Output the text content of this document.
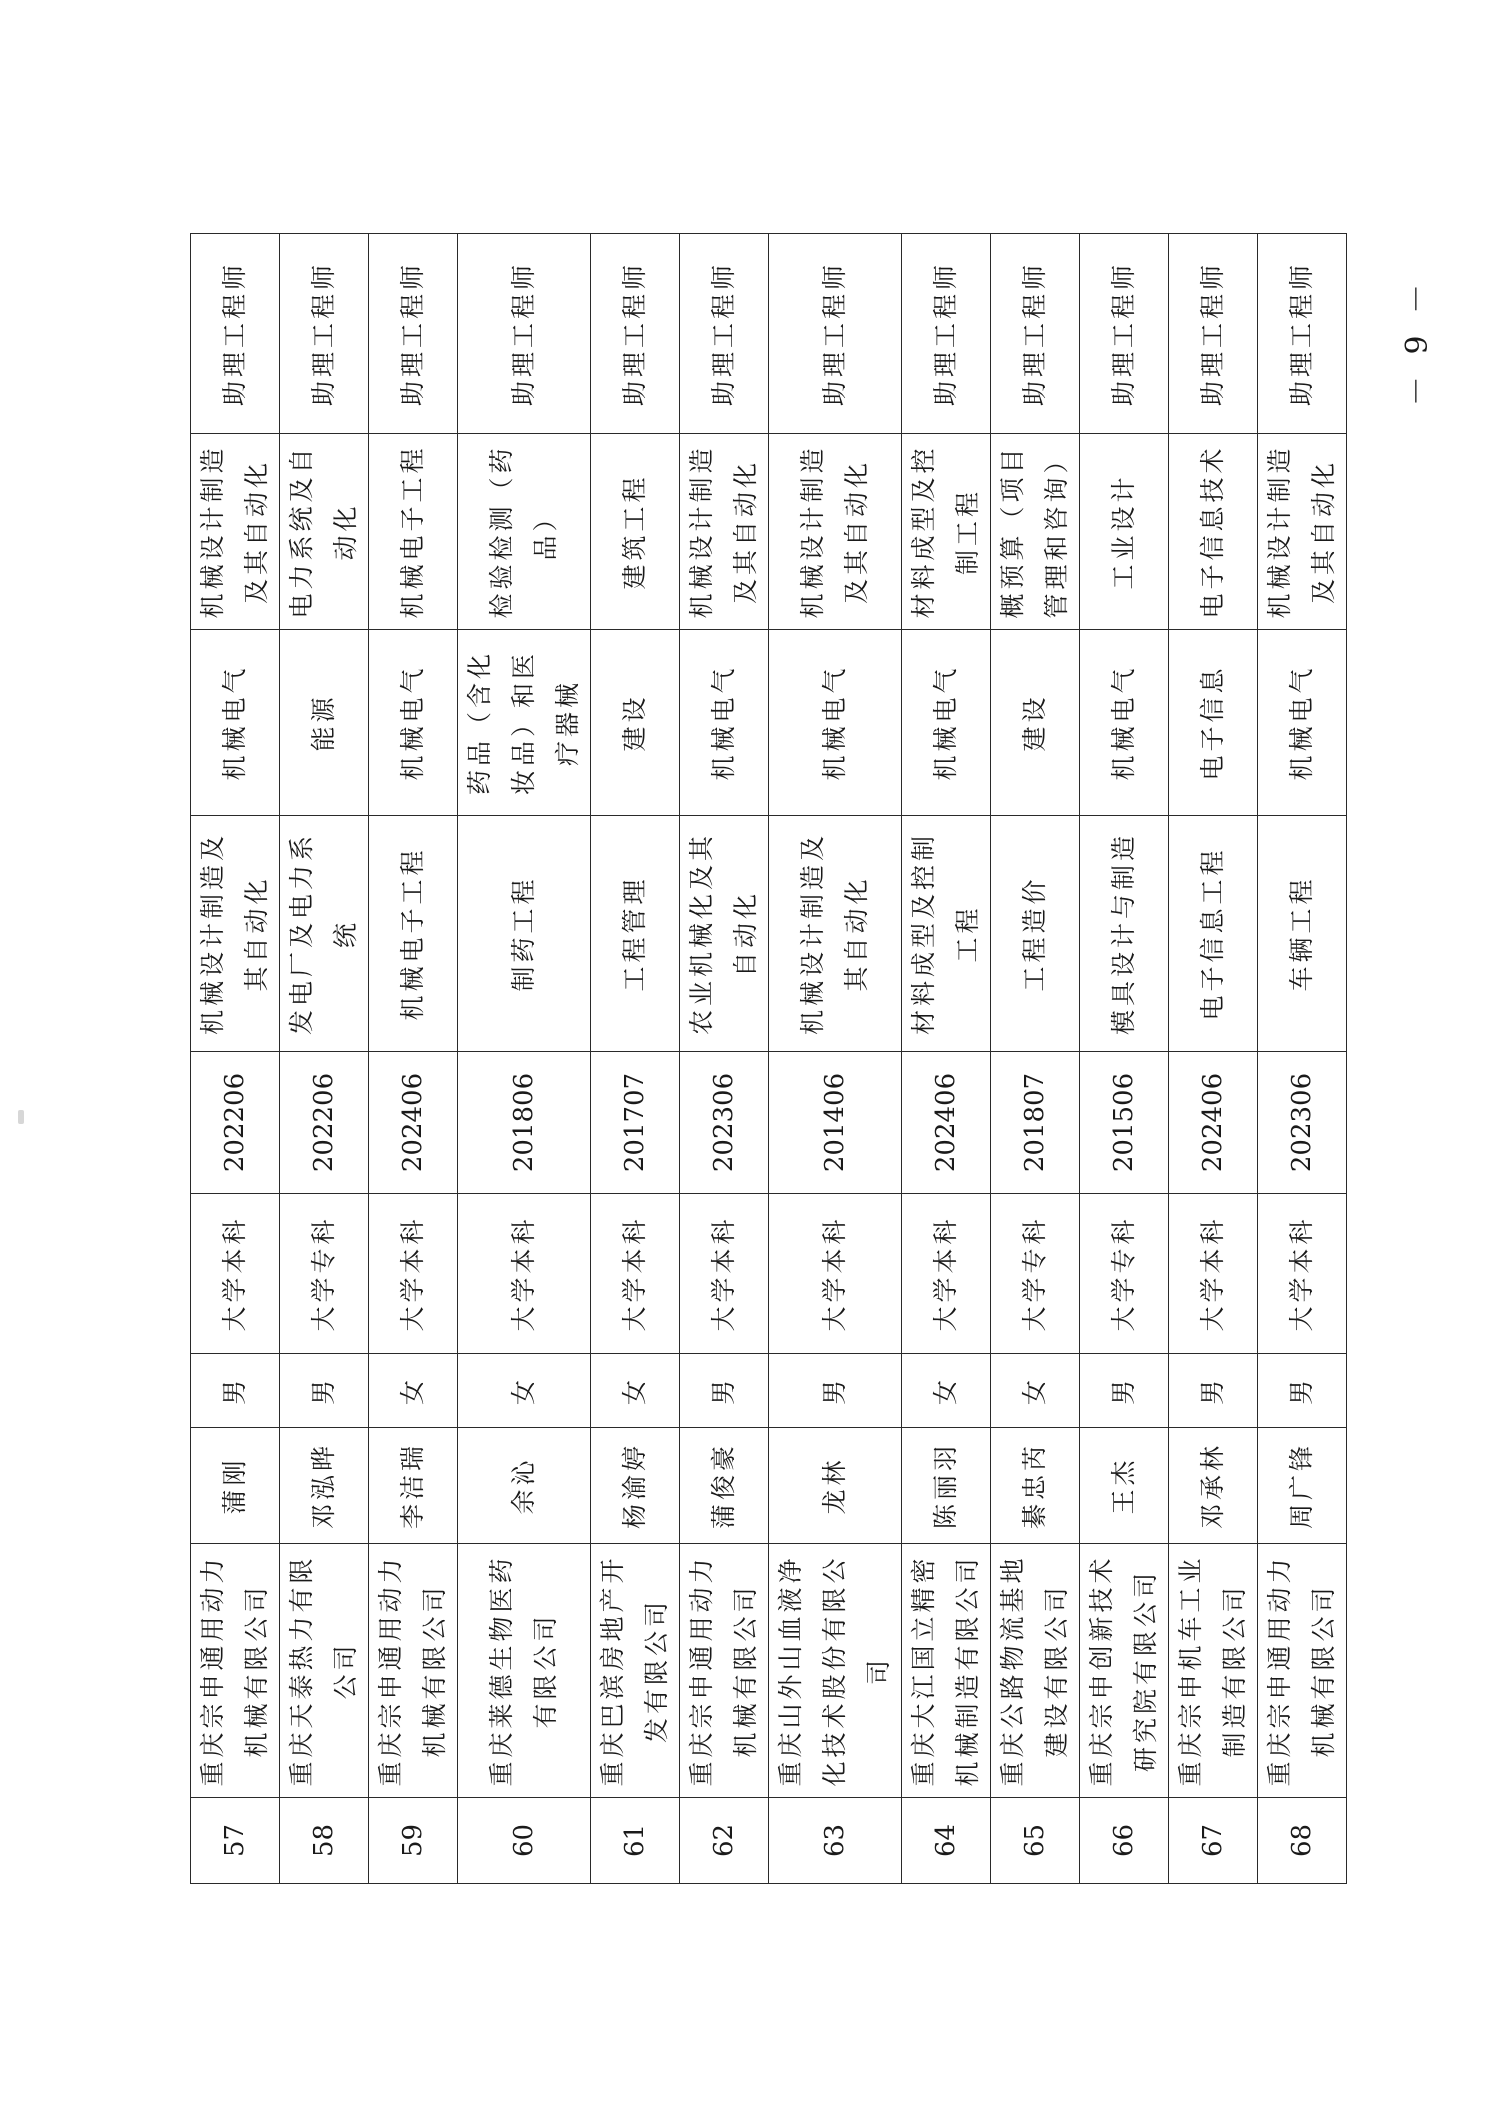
57	重庆宗申通用动力机械有限公司	蒲刚	男	大学本科	202206	机械设计制造及其自动化	机械电气	机械设计制造及其自动化	助理工程师
58	重庆天泰热力有限公司	邓泓晔	男	大学专科	202206	发电厂及电力系统	能源	电力系统及自动化	助理工程师
59	重庆宗申通用动力机械有限公司	李洁瑞	女	大学本科	202406	机械电子工程	机械电气	机械电子工程	助理工程师
60	重庆莱德生物医药有限公司	余沁	女	大学本科	201806	制药工程	药品（含化妆品）和医疗器械	检验检测（药品）	助理工程师
61	重庆巴滨房地产开发有限公司	杨渝婷	女	大学本科	201707	工程管理	建设	建筑工程	助理工程师
62	重庆宗申通用动力机械有限公司	蒲俊豪	男	大学本科	202306	农业机械化及其自动化	机械电气	机械设计制造及其自动化	助理工程师
63	重庆山外山血液净化技术股份有限公司	龙林	男	大学本科	201406	机械设计制造及其自动化	机械电气	机械设计制造及其自动化	助理工程师
64	重庆大江国立精密机械制造有限公司	陈丽羽	女	大学本科	202406	材料成型及控制工程	机械电气	材料成型及控制工程	助理工程师
65	重庆公路物流基地建设有限公司	綦忠芮	女	大学专科	201807	工程造价	建设	概预算（项目管理和咨询）	助理工程师
66	重庆宗申创新技术研究院有限公司	王杰	男	大学专科	201506	模具设计与制造	机械电气	工业设计	助理工程师
67	重庆宗申机车工业制造有限公司	邓承林	男	大学本科	202406	电子信息工程	电子信息	电子信息技术	助理工程师
68	重庆宗申通用动力机械有限公司	周广锋	男	大学本科	202306	车辆工程	机械电气	机械设计制造及其自动化	助理工程师	－ 9 －
